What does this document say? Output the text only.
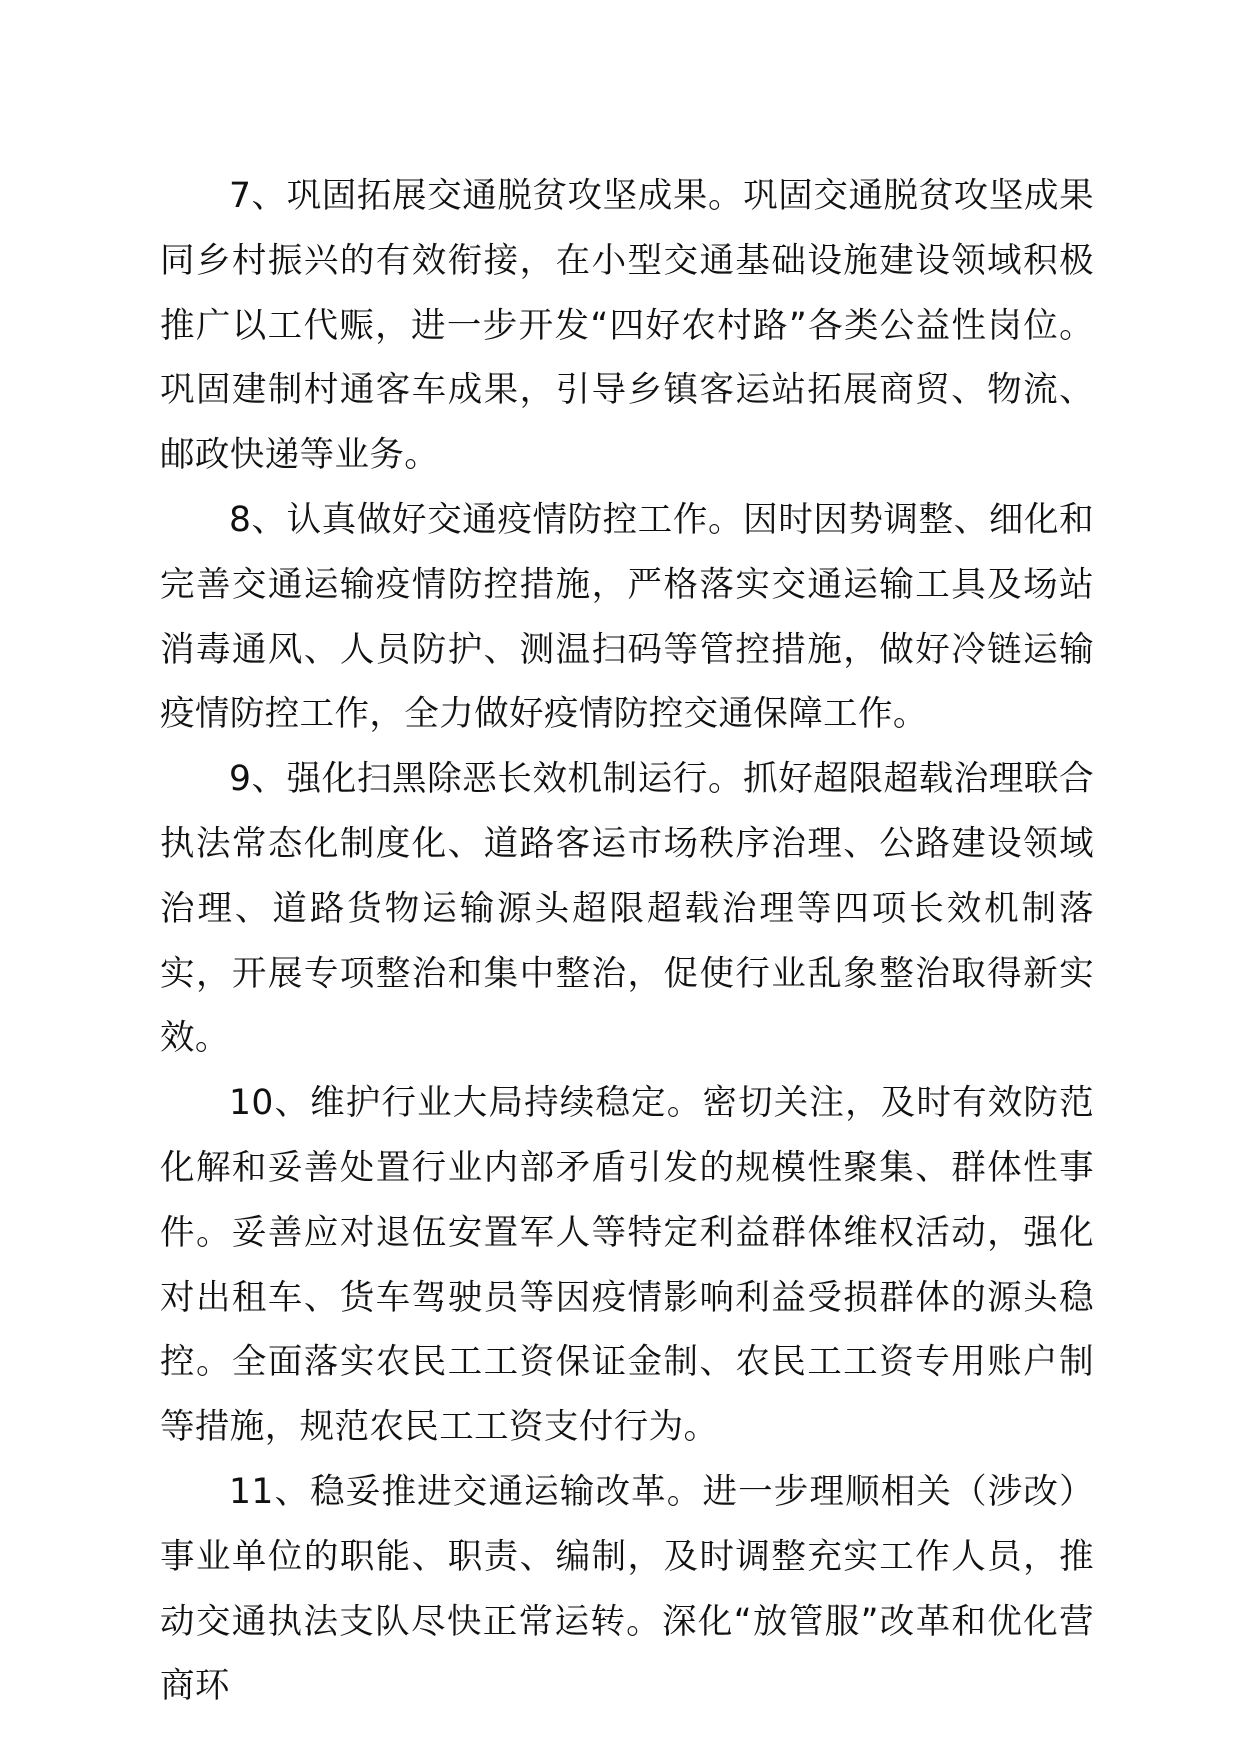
7、巩固拓展交通脱贫攻坚成果。巩固交通脱贫攻坚成果同乡村振兴的有效衔接，在小型交通基础设施建设领域积极推广以工代赈，进一步开发“四好农村路”各类公益性岗位。巩固建制村通客车成果，引导乡镇客运站拓展商贸、物流、邮政快递等业务。

8、认真做好交通疫情防控工作。因时因势调整、细化和完善交通运输疫情防控措施，严格落实交通运输工具及场站消毒通风、人员防护、测温扫码等管控措施，做好冷链运输疫情防控工作，全力做好疫情防控交通保障工作。

9、强化扫黑除恶长效机制运行。抓好超限超载治理联合执法常态化制度化、道路客运市场秩序治理、公路建设领域治理、道路货物运输源头超限超载治理等四项长效机制落实，开展专项整治和集中整治，促使行业乱象整治取得新实效。

10、维护行业大局持续稳定。密切关注，及时有效防范化解和妥善处置行业内部矛盾引发的规模性聚集、群体性事件。妥善应对退伍安置军人等特定利益群体维权活动，强化对出租车、货车驾驶员等因疫情影响利益受损群体的源头稳控。全面落实农民工工资保证金制、农民工工资专用账户制等措施，规范农民工工资支付行为。

11、稳妥推进交通运输改革。进一步理顺相关（涉改）事业单位的职能、职责、编制，及时调整充实工作人员，推动交通执法支队尽快正常运转。深化“放管服”改革和优化营商环
